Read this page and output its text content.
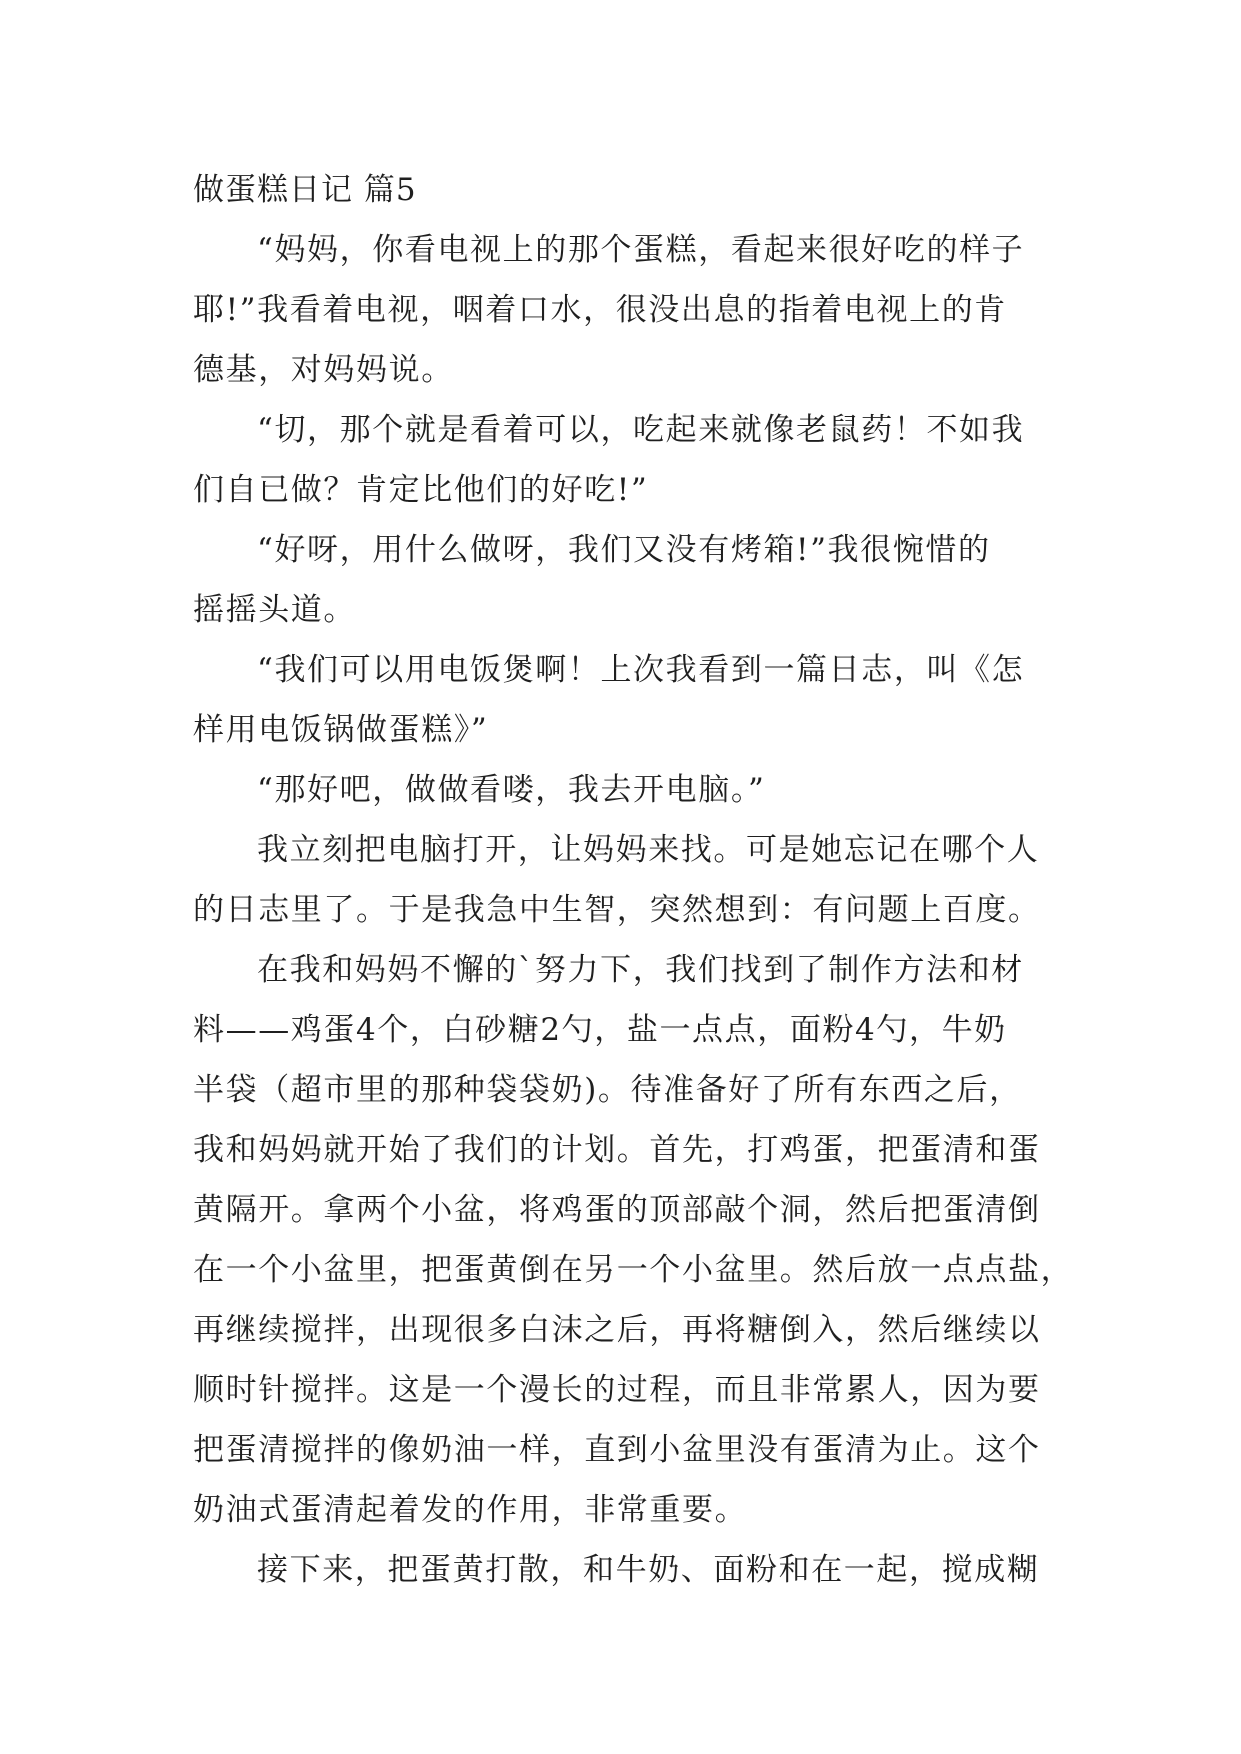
做蛋糕日记 篇5
“妈妈，你看电视上的那个蛋糕，看起来很好吃的样子
耶!”我看着电视，咽着口水，很没出息的指着电视上的肯
德基，对妈妈说。
“切，那个就是看着可以，吃起来就像老鼠药！不如我
们自已做？肯定比他们的好吃!”
“好呀，用什么做呀，我们又没有烤箱!”我很惋惜的
摇摇头道。
“我们可以用电饭煲啊！上次我看到一篇日志，叫《怎
样用电饭锅做蛋糕》”
“那好吧，做做看喽，我去开电脑。”
我立刻把电脑打开，让妈妈来找。可是她忘记在哪个人
的日志里了。于是我急中生智，突然想到：有问题上百度。
在我和妈妈不懈的`努力下，我们找到了制作方法和材
料——鸡蛋4个，白砂糖2勺，盐一点点，面粉4勺，牛奶
半袋（超市里的那种袋袋奶)。待准备好了所有东西之后，
我和妈妈就开始了我们的计划。首先，打鸡蛋，把蛋清和蛋
黄隔开。拿两个小盆，将鸡蛋的顶部敲个洞，然后把蛋清倒
在一个小盆里，把蛋黄倒在另一个小盆里。然后放一点点盐，
再继续搅拌，出现很多白沫之后，再将糖倒入，然后继续以
顺时针搅拌。这是一个漫长的过程，而且非常累人，因为要
把蛋清搅拌的像奶油一样，直到小盆里没有蛋清为止。这个
奶油式蛋清起着发的作用，非常重要。
接下来，把蛋黄打散，和牛奶、面粉和在一起，搅成糊
